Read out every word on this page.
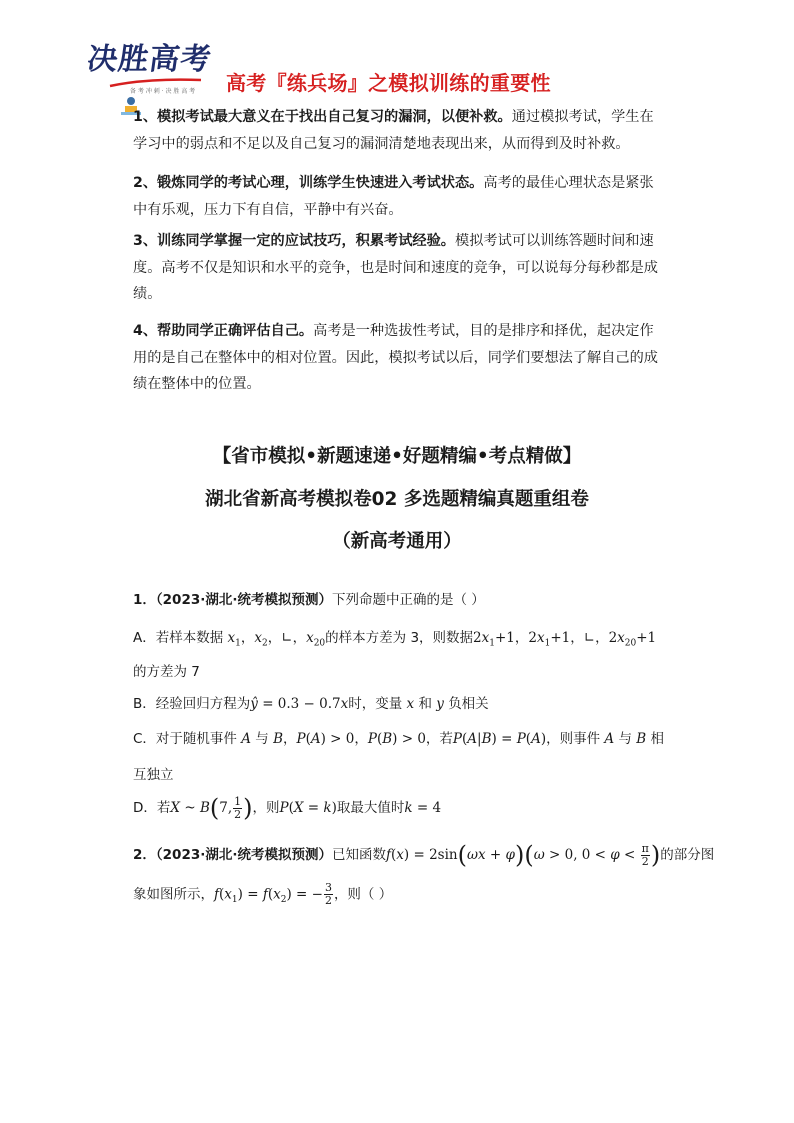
决胜高考
备 考 冲 刺 · 决 胜 高 考 高考『练兵场』之模拟训练的重要性
1、模拟考试最大意义在于找出自己复习的漏洞，以便补救。通过模拟考试，学生在学习中的弱点和不足以及自己复习的漏洞清楚地表现出来，从而得到及时补救。
2、锻炼同学的考试心理，训练学生快速进入考试状态。高考的最佳心理状态是紧张中有乐观，压力下有自信，平静中有兴奋。
3、训练同学掌握一定的应试技巧，积累考试经验。模拟考试可以训练答题时间和速度。高考不仅是知识和水平的竞争，也是时间和速度的竞争，可以说每分每秒都是成绩。
4、帮助同学正确评估自己。高考是一种选拔性考试，目的是排序和择优，起决定作用的是自己在整体中的相对位置。因此，模拟考试以后，同学们要想法了解自己的成绩在整体中的位置。
【省市模拟•新题速递•好题精编•考点精做】
湖北省新高考模拟卷02 多选题精编真题重组卷
（新高考通用）
1．（2023·湖北·统考模拟预测）下列命题中正确的是（ ）
A．若样本数据 $x_1$，$x_2$，∟，$x_{20}$的样本方差为 3，则数据$2x_1+1$，$2x_1+1$，∟，$2x_{20}+1$
的方差为 7
B．经验回归方程为ŷ = 0.3 − 0.7x时，变量 x 和 y 负相关
C．对于随机事件 A 与 B，P(A) > 0，P(B) > 0，若P(A|B) = P(A)，则事件 A 与 B 相
互独立
D．若X ~ B(7, $\frac{1}{2}$ )，则P(X = k)取最大值时k = 4
2．（2023·湖北·统考模拟预测）已知函数f(x) = 2sin(ωx + φ)(ω > 0, $0 < \varphi < \frac{\pi}{2}$ )的部分图
象如图所示，$f(x_1) = f(x_2)$ = − $\frac{3}{2}$ ，则（ ）
